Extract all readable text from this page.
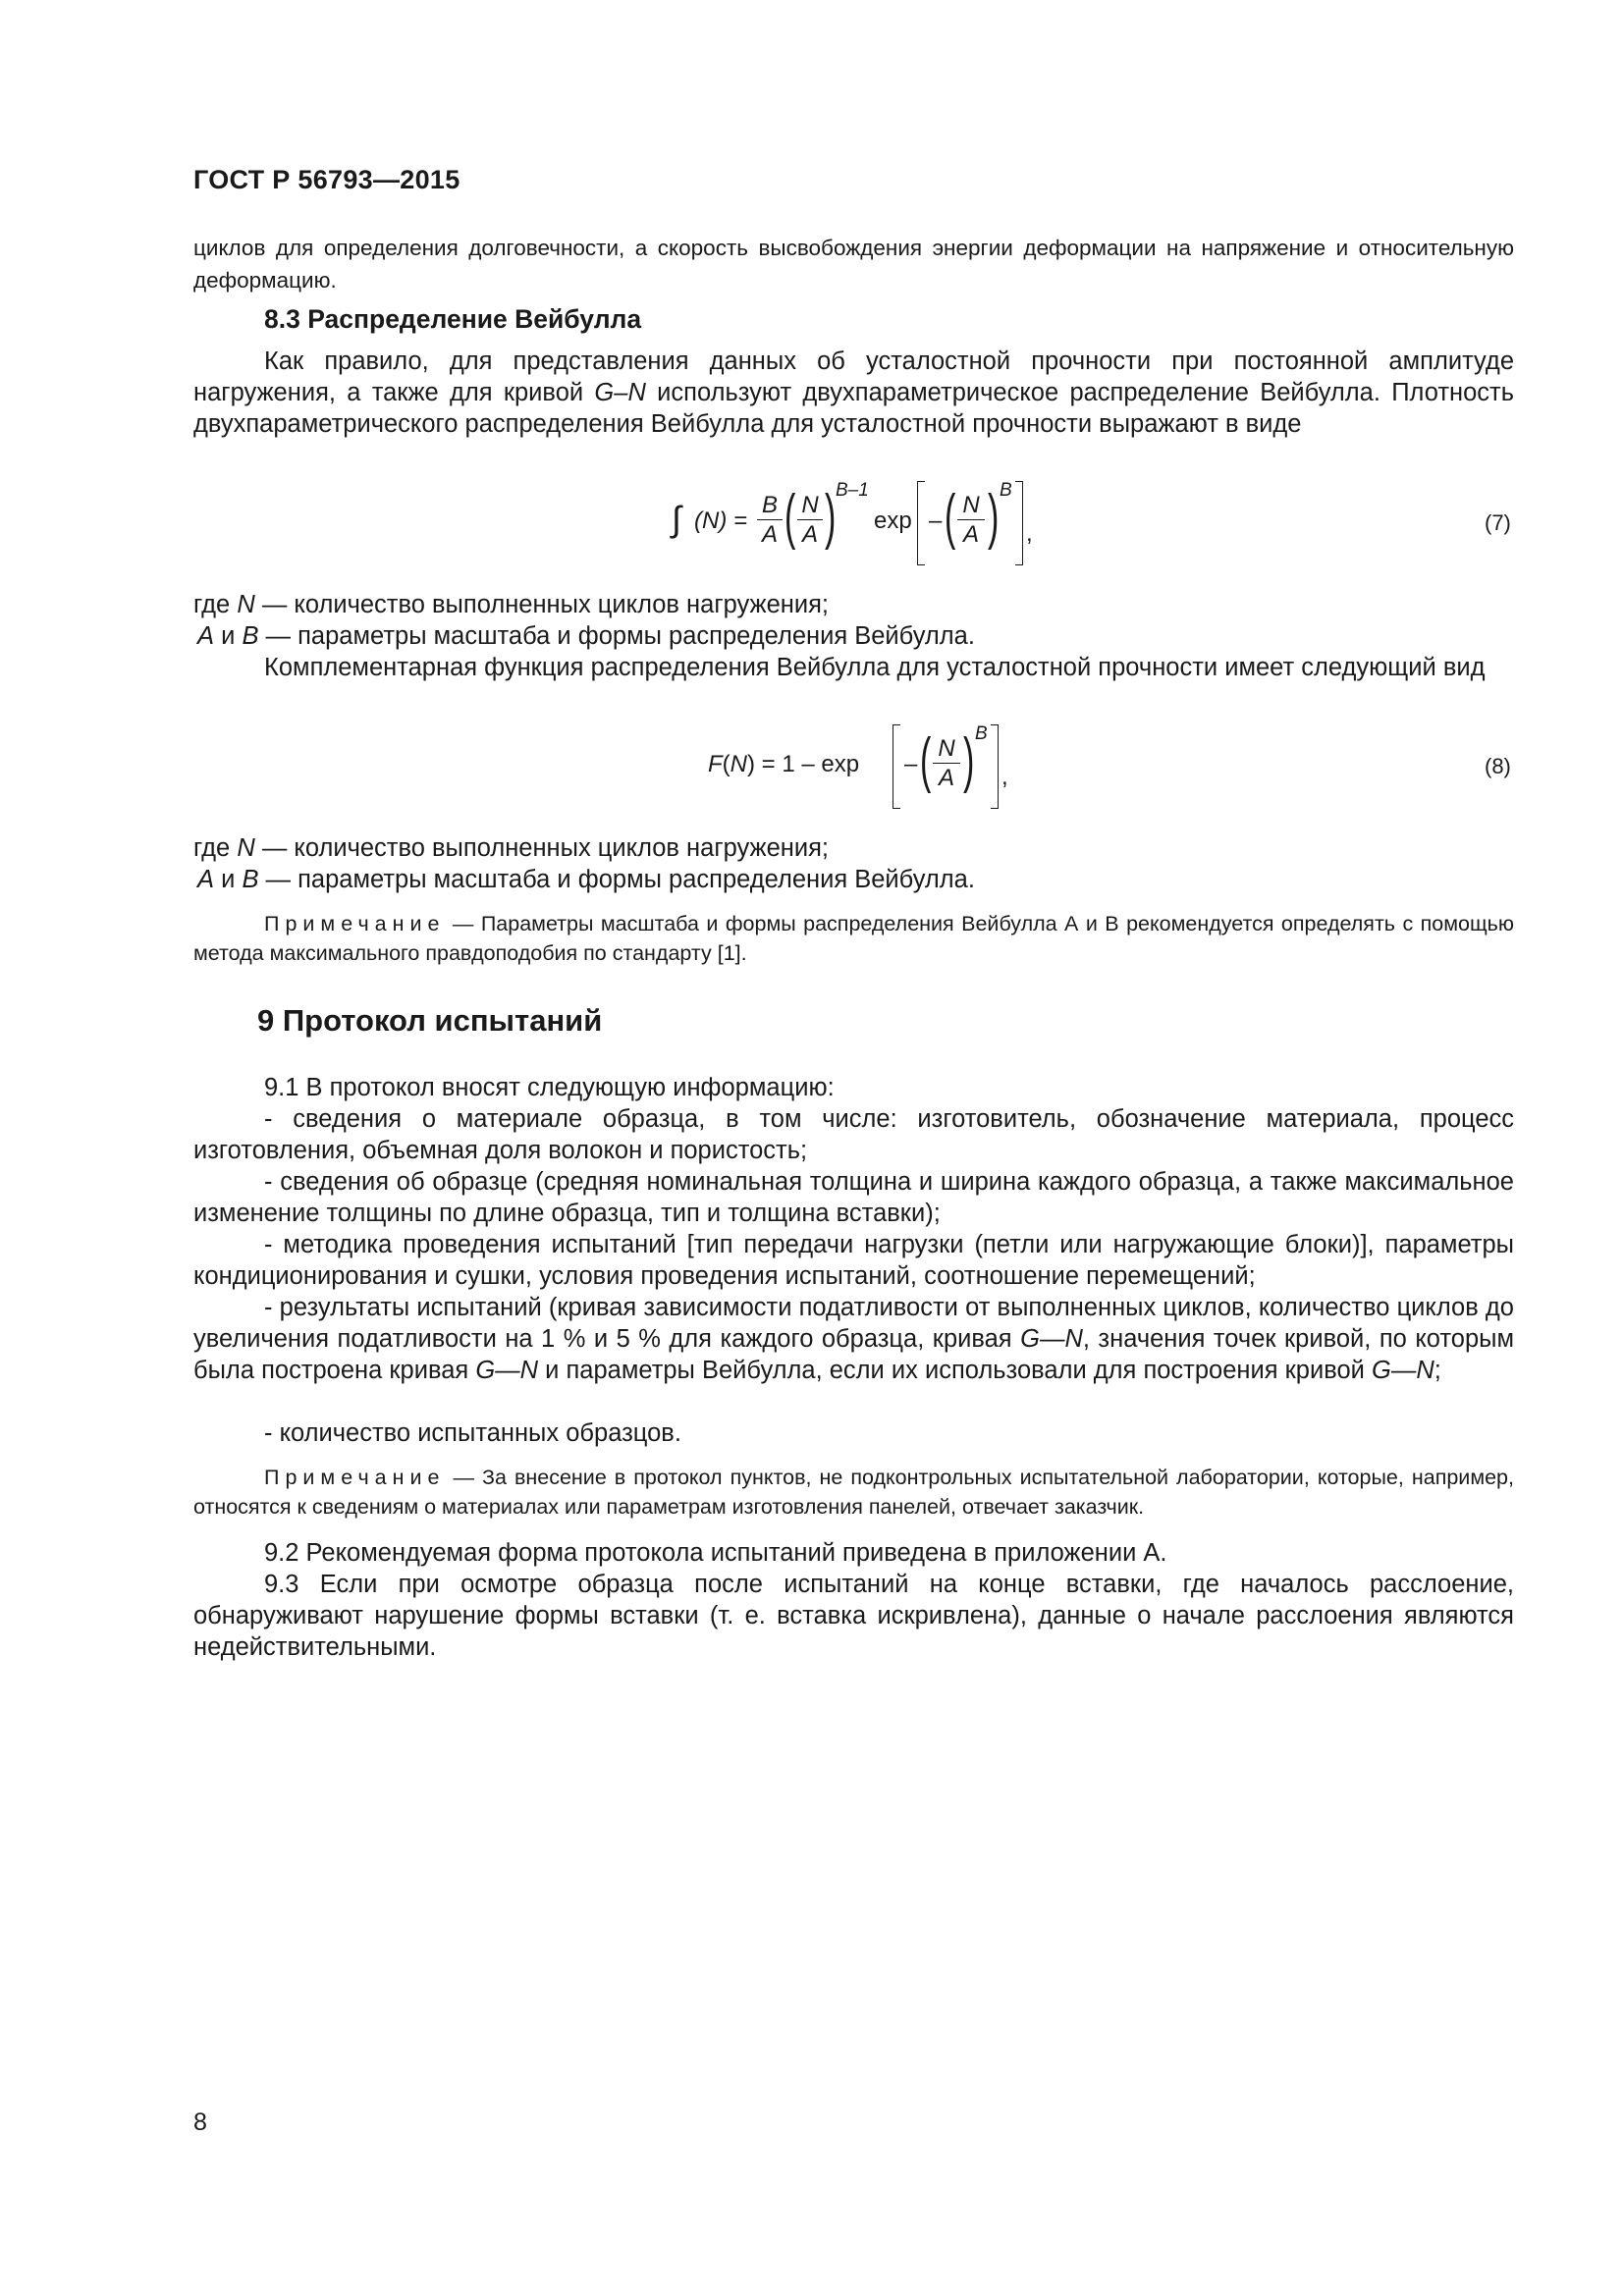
ГОСТ Р 56793—2015
циклов для определения долговечности, а скорость высвобождения энергии деформации на напряжение и относительную деформацию.
8.3 Распределение Вейбулла
Как правило, для представления данных об усталостной прочности при постоянной амплитуде нагружения, а также для кривой G–N используют двухпараметрическое распределение Вейбулла. Плотность двухпараметрического распределения Вейбулла для усталостной прочности выражают в виде
∫ $(N) = \frac{B}{A}$ ( $\frac{N}{A}$ ) B–1
exp – ( $\frac{N}{A}$ ) B
,	(7)
где N — количество выполненных циклов нагружения;
A и B — параметры масштаба и формы распределения Вейбулла.
Комплементарная функция распределения Вейбулла для усталостной прочности имеет следующий вид
F(N) = 1 – exp – ( $\frac{N}{A}$ ) B
,	(8)
где N — количество выполненных циклов нагружения;
A и B — параметры масштаба и формы распределения Вейбулла.
Примечание — Параметры масштаба и формы распределения Вейбулла А и В рекомендуется определять с помощью метода максимального правдоподобия по стандарту [1].
9 Протокол испытаний
9.1 В протокол вносят следующую информацию:
- сведения о материале образца, в том числе: изготовитель, обозначение материала, процесс изготовления, объемная доля волокон и пористость;
- сведения об образце (средняя номинальная толщина и ширина каждого образца, а также максимальное изменение толщины по длине образца, тип и толщина вставки);
- методика проведения испытаний [тип передачи нагрузки (петли или нагружающие блоки)], параметры кондиционирования и сушки, условия проведения испытаний, соотношение перемещений;
- результаты испытаний (кривая зависимости податливости от выполненных циклов, количество циклов до увеличения податливости на 1 % и 5 % для каждого образца, кривая G—N, значения точек кривой, по которым была построена кривая G—N и параметры Вейбулла, если их использовали для построения кривой G—N;
- количество испытанных образцов.
Примечание — За внесение в протокол пунктов, не подконтрольных испытательной лаборатории, которые, например, относятся к сведениям о материалах или параметрам изготовления панелей, отвечает заказчик.
9.2 Рекомендуемая форма протокола испытаний приведена в приложении А.
9.3 Если при осмотре образца после испытаний на конце вставки, где началось расслоение, обнаруживают нарушение формы вставки (т. е. вставка искривлена), данные о начале расслоения являются недействительными.
8
